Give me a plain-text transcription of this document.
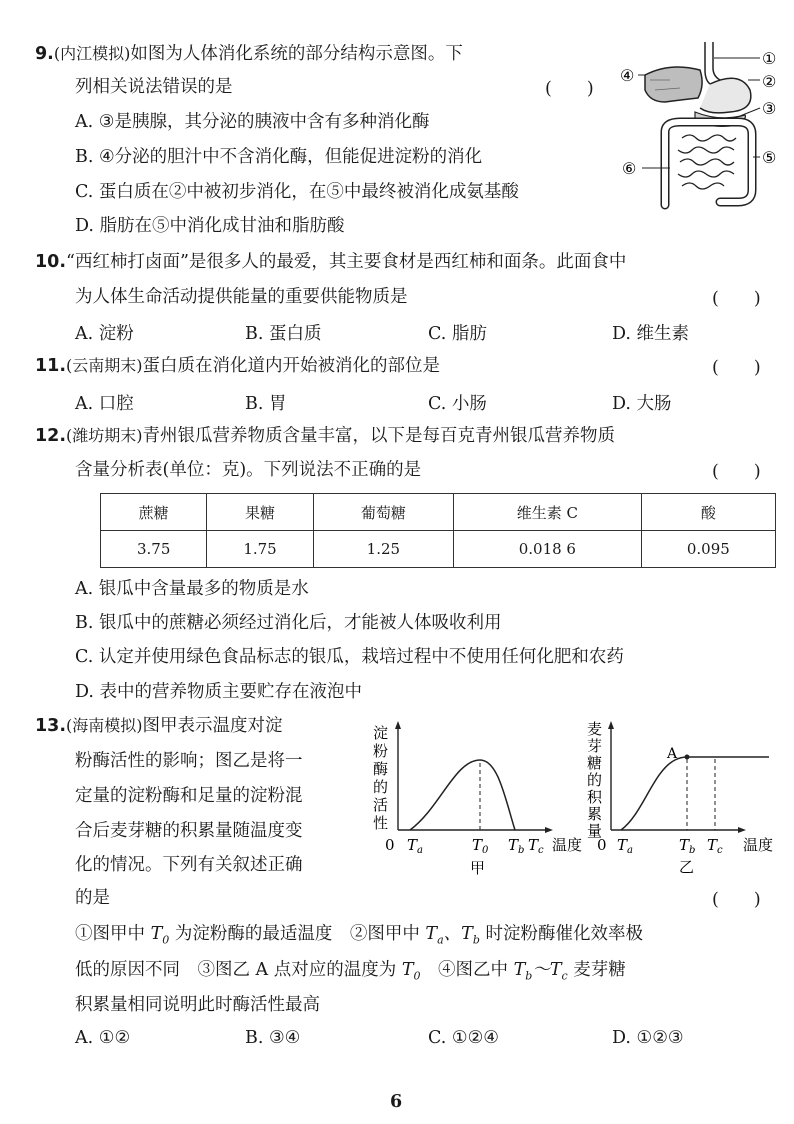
9.(内江模拟)如图为人体消化系统的部分结构示意图。下
列相关说法错误的是	(　　)
A. ③是胰腺，其分泌的胰液中含有多种消化酶
B. ④分泌的胆汁中不含消化酶，但能促进淀粉的消化
C. 蛋白质在②中被初步消化，在⑤中最终被消化成氨基酸
D. 脂肪在⑤中消化成甘油和脂肪酸
①
②
③
④
⑤
⑥
10.“西红柿打卤面”是很多人的最爱，其主要食材是西红柿和面条。此面食中
为人体生命活动提供能量的重要供能物质是	(　　)
A. 淀粉	B. 蛋白质	C. 脂肪	D. 维生素
11.(云南期末)蛋白质在消化道内开始被消化的部位是	(　　)
A. 口腔	B. 胃	C. 小肠	D. 大肠
12.(潍坊期末)青州银瓜营养物质含量丰富，以下是每百克青州银瓜营养物质
含量分析表(单位：克)。下列说法不正确的是	(　　)
蔗糖	果糖	葡萄糖	维生素 C	酸
3.75	1.75	1.25	0.018 6	0.095
A. 银瓜中含量最多的物质是水
B. 银瓜中的蔗糖必须经过消化后，才能被人体吸收利用
C. 认定并使用绿色食品标志的银瓜，栽培过程中不使用任何化肥和农药
D. 表中的营养物质主要贮存在液泡中
13.(海南模拟)图甲表示温度对淀
粉酶活性的影响；图乙是将一
定量的淀粉酶和足量的淀粉混
合后麦芽糖的积累量随温度变
化的情况。下列有关叙述正确
的是	(　　)
淀
粉
酶
的
活
性
0 $T_a$	$T_0$ $T_b$ $T_c$ 温度
甲
麦
芽
糖
的
积
累
量
A
0 $T_a$	$T_b$ $T_c$ 温度
乙
①图甲中 $T_0$ 为淀粉酶的最适温度　②图甲中 $T_a$、$T_b$ 时淀粉酶催化效率极
低的原因不同　③图乙 A 点对应的温度为 $T_0$　 ④图乙中 $T_b\sim T_c$ 麦芽糖
积累量相同说明此时酶活性最高
A. ①②	B. ③④	C. ①②④	D. ①②③
6
